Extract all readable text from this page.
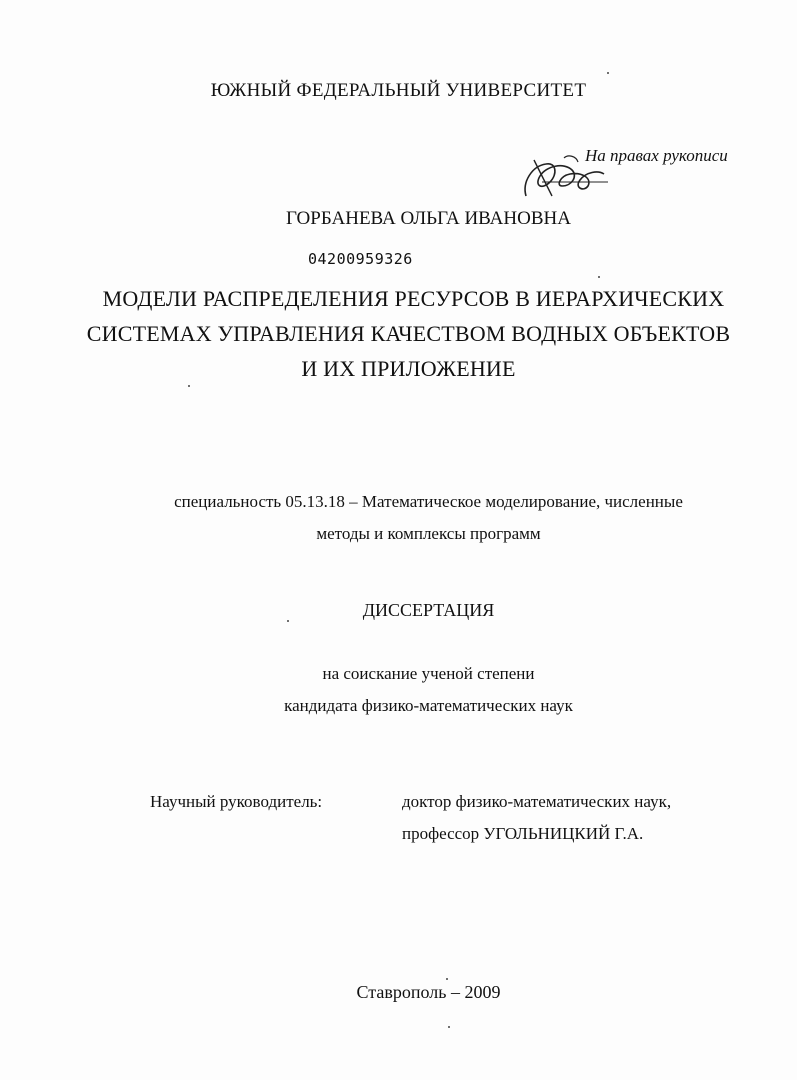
ЮЖНЫЙ ФЕДЕРАЛЬНЫЙ УНИВЕРСИТЕТ
На правах рукописи
ГОРБАНЕВА ОЛЬГА ИВАНОВНА
04200959326
МОДЕЛИ РАСПРЕДЕЛЕНИЯ РЕСУРСОВ В ИЕРАРХИЧЕСКИХ
СИСТЕМАХ УПРАВЛЕНИЯ КАЧЕСТВОМ ВОДНЫХ ОБЪЕКТОВ
И ИХ ПРИЛОЖЕНИЕ
специальность 05.13.18 – Математическое моделирование, численные
методы и комплексы программ
ДИССЕРТАЦИЯ
на соискание ученой степени
кандидата физико-математических наук
Научный руководитель:	доктор физико-математических наук,
профессор УГОЛЬНИЦКИЙ Г.А.
Ставрополь – 2009
